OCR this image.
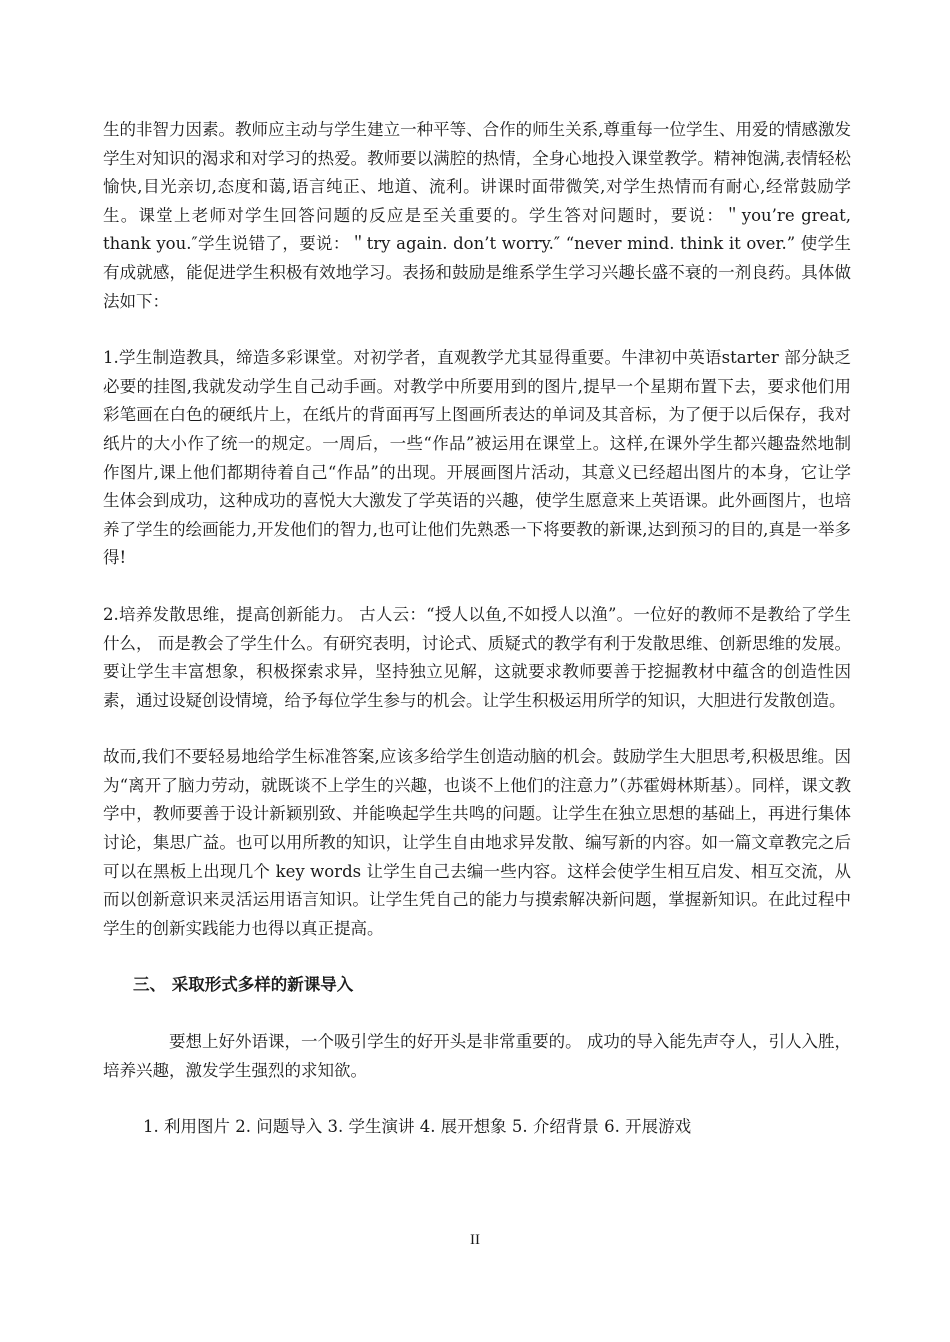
生的非智力因素。教师应主动与学生建立一种平等、合作的师生关系,尊重每一位学生、用爱的情感激发学生对知识的渴求和对学习的热爱。教师要以满腔的热情，全身心地投入课堂教学。精神饱满,表情轻松愉快,目光亲切,态度和蔼,语言纯正、地道、流利。讲课时面带微笑,对学生热情而有耐心,经常鼓励学生。课堂上老师对学生回答问题的反应是至关重要的。学生答对问题时，要说：＂you’re great, thank you.″学生说错了，要说：＂try again. don’t worry.″ “never mind. think it over.” 使学生有成就感，能促进学生积极有效地学习。表扬和鼓励是维系学生学习兴趣长盛不衰的一剂良药。具体做法如下：

1.学生制造教具，缔造多彩课堂。对初学者，直观教学尤其显得重要。牛津初中英语starter 部分缺乏必要的挂图,我就发动学生自己动手画。对教学中所要用到的图片,提早一个星期布置下去，要求他们用彩笔画在白色的硬纸片上，在纸片的背面再写上图画所表达的单词及其音标，为了便于以后保存，我对纸片的大小作了统一的规定。一周后，一些“作品”被运用在课堂上。这样,在课外学生都兴趣盎然地制作图片,课上他们都期待着自己“作品”的出现。开展画图片活动，其意义已经超出图片的本身，它让学生体会到成功，这种成功的喜悦大大激发了学英语的兴趣，使学生愿意来上英语课。此外画图片，也培养了学生的绘画能力,开发他们的智力,也可让他们先熟悉一下将要教的新课,达到预习的目的,真是一举多得!

2.培养发散思维，提高创新能力。 古人云：“授人以鱼,不如授人以渔”。一位好的教师不是教给了学生什么， 而是教会了学生什么。有研究表明，讨论式、质疑式的教学有利于发散思维、创新思维的发展。要让学生丰富想象，积极探索求异，坚持独立见解，这就要求教师要善于挖掘教材中蕴含的创造性因素，通过设疑创设情境，给予每位学生参与的机会。让学生积极运用所学的知识，大胆进行发散创造。

故而,我们不要轻易地给学生标准答案,应该多给学生创造动脑的机会。鼓励学生大胆思考,积极思维。因为“离开了脑力劳动，就既谈不上学生的兴趣，也谈不上他们的注意力”（苏霍姆林斯基）。同样，课文教学中，教师要善于设计新颖别致、并能唤起学生共鸣的问题。让学生在独立思想的基础上，再进行集体讨论，集思广益。也可以用所教的知识，让学生自由地求异发散、编写新的内容。如一篇文章教完之后可以在黑板上出现几个 key words 让学生自己去编一些内容。这样会使学生相互启发、相互交流，从而以创新意识来灵活运用语言知识。让学生凭自己的能力与摸索解决新问题，掌握新知识。在此过程中学生的创新实践能力也得以真正提高。

三、 采取形式多样的新课导入

要想上好外语课，一个吸引学生的好开头是非常重要的。 成功的导入能先声夺人，引人入胜，培养兴趣，激发学生强烈的求知欲。

1. 利用图片 2. 问题导入 3. 学生演讲 4. 展开想象 5. 介绍背景 6. 开展游戏

II
